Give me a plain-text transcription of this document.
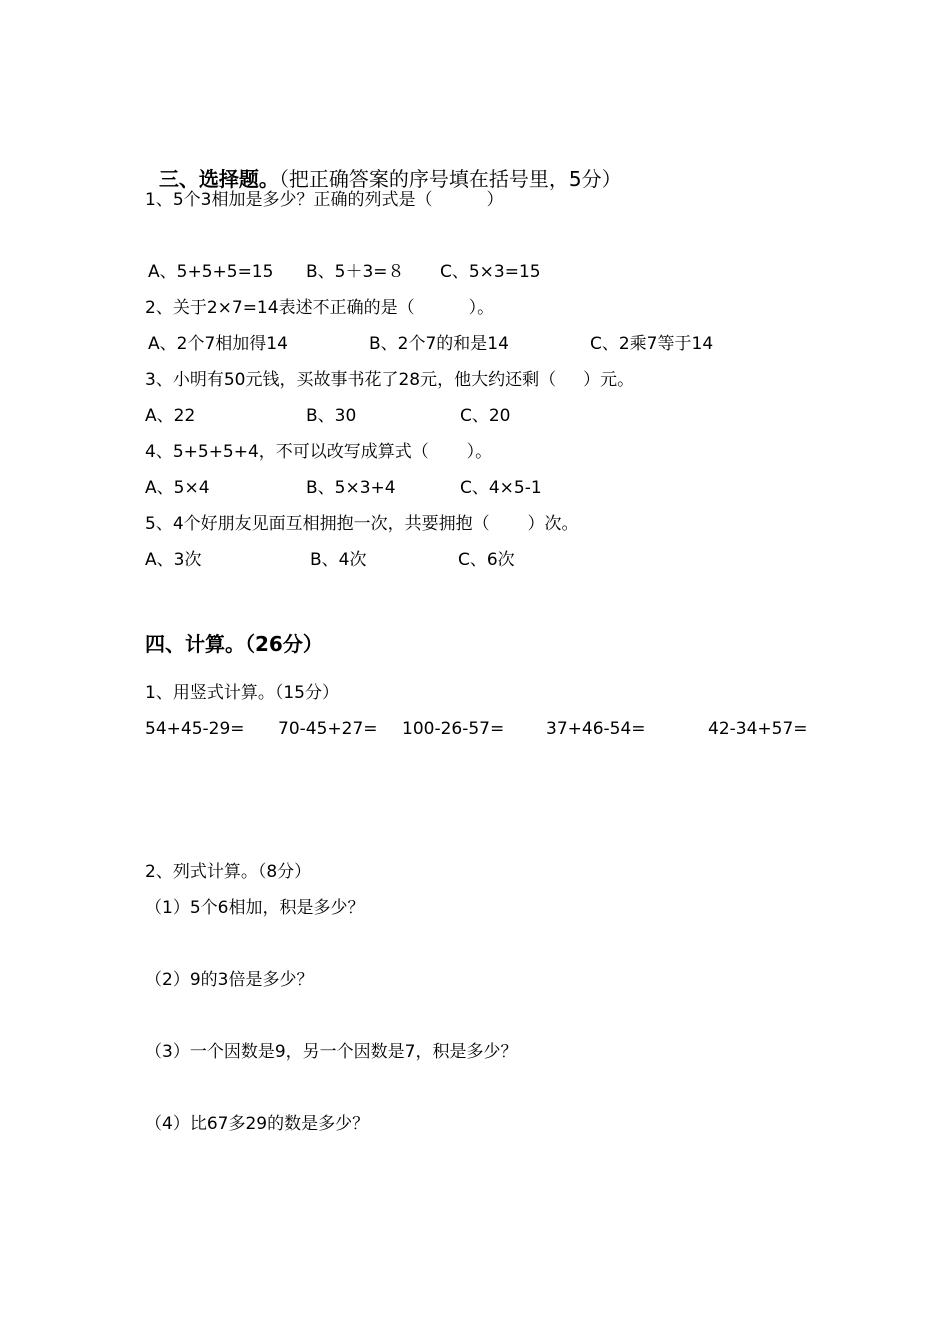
三、选择题。（把正确答案的序号填在括号里，5分）

1、5个3相加是多少？正确的列式是（          ）
A、5+5+5=15 B、5＋3=８ C、5×3=15
2、关于2×7=14表述不正确的是（          ）。
A、2个7相加得14	B、2个7的和是14	C、2乘7等于14
3、小明有50元钱，买故事书花了28元，他大约还剩（     ）元。
A、22	B、30	C、20
4、5+5+5+4，不可以改写成算式（       ）。
A、5×4	B、5×3+4	C、4×5-1
5、4个好朋友见面互相拥抱一次，共要拥抱（       ）次。
A、3次	B、4次	C、6次
四、计算。（26分）
1、用竖式计算。（15分）
54+45-29= 70-45+27= 100-26-57= 37+46-54=	42-34+57=
2、列式计算。（8分）
（1）5个6相加，积是多少？
（2）9的3倍是多少？
（3）一个因数是9，另一个因数是7，积是多少？
（4）比67多29的数是多少？
